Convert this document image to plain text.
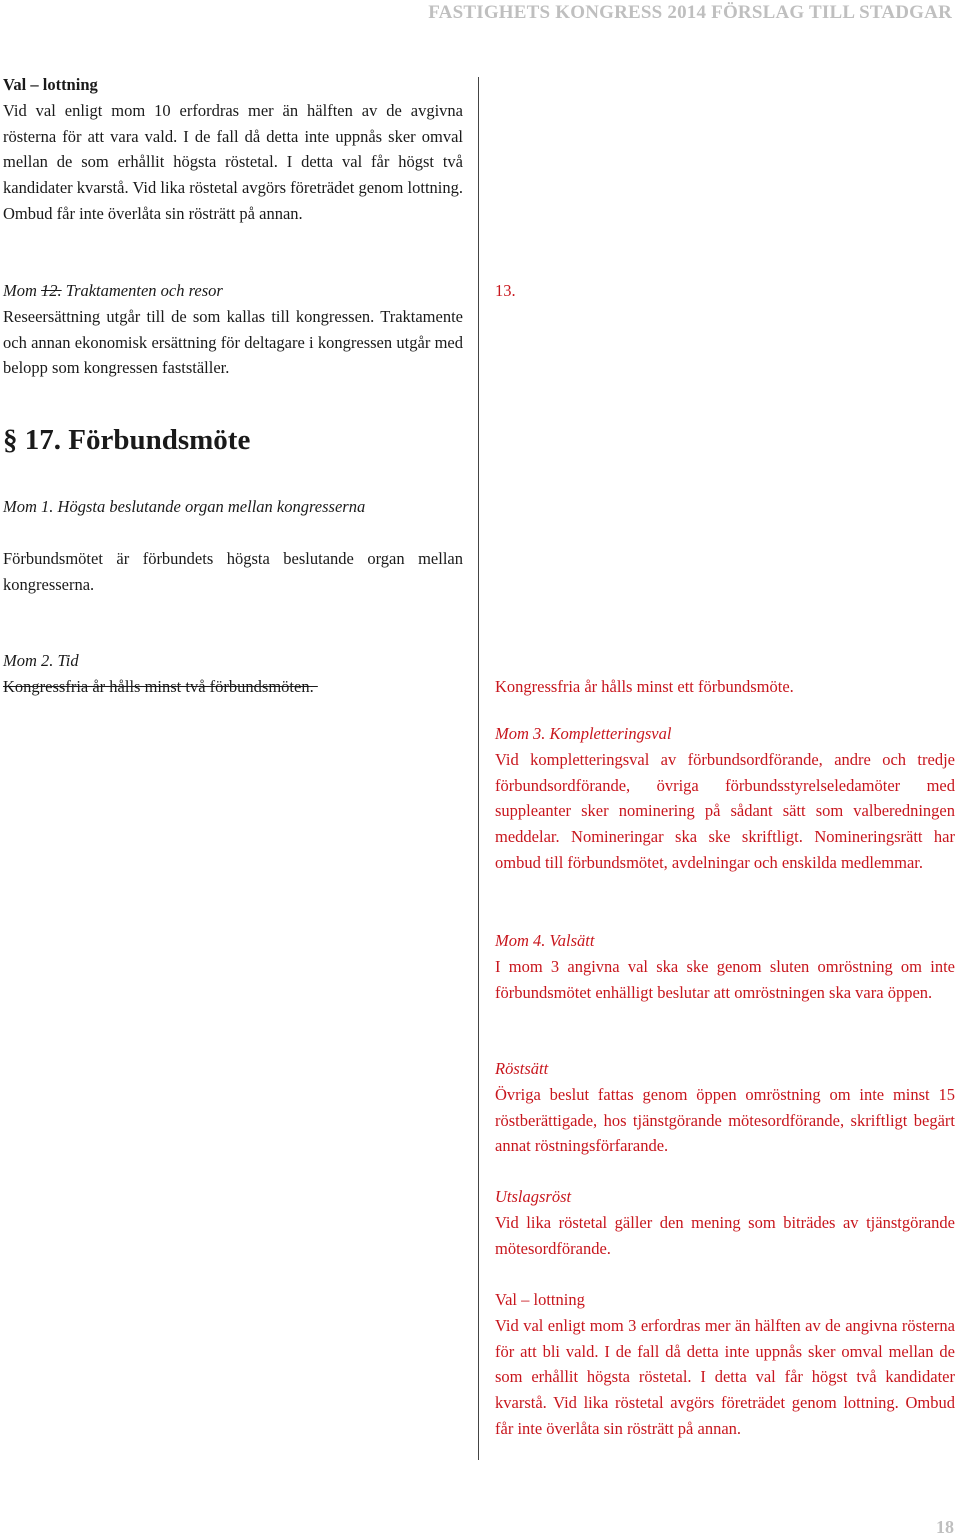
FASTIGHETS KONGRESS 2014 FÖRSLAG TILL STADGAR

Val – lottning

Vid val enligt mom 10 erfordras mer än hälften av de avgivna rösterna för att vara vald. I de fall då detta inte uppnås sker omval mellan de som erhållit högsta röstetal. I detta val får högst två kandidater kvarstå. Vid lika röstetal avgörs företrädet genom lottning. Ombud får inte överlåta sin rösträtt på annan.

Mom 12. Traktamenten och resor

Reseersättning utgår till de som kallas till kongressen. Traktamente och annan ekonomisk ersättning för deltagare i kongressen utgår med belopp som kongressen fastställer.

§ 17. Förbundsmöte
Mom 1. Högsta beslutande organ mellan kongresserna
Förbundsmötet är förbundets högsta beslutande organ mellan kongresserna.

Mom 2. Tid

Kongressfria år hålls minst två förbundsmöten.

13.
Kongressfria år hålls minst ett förbundsmöte.

Mom 3. Kompletteringsval

Vid kompletteringsval av förbundsordförande, andre och tredje förbundsordförande, övriga förbundsstyrelseledamöter med suppleanter sker nominering på sådant sätt som valberedningen meddelar. Nomineringar ska ske skriftligt. Nomineringsrätt har ombud till förbundsmötet, avdelningar och enskilda medlemmar.

Mom 4. Valsätt

I mom 3 angivna val ska ske genom sluten omröstning om inte förbundsmötet enhälligt beslutar att omröstningen ska vara öppen.

Röstsätt

Övriga beslut fattas genom öppen omröstning om inte minst 15 röstberättigade, hos tjänstgörande mötesordförande, skriftligt begärt annat röstningsförfarande.

Utslagsröst

Vid lika röstetal gäller den mening som biträdes av tjänstgörande mötesordförande.

Val – lottning

Vid val enligt mom 3 erfordras mer än hälften av de angivna rösterna för att bli vald. I de fall då detta inte uppnås sker omval mellan de som erhållit högsta röstetal. I detta val får högst två kandidater kvarstå. Vid lika röstetal avgörs företrädet genom lottning. Ombud får inte överlåta sin rösträtt på annan.

18
